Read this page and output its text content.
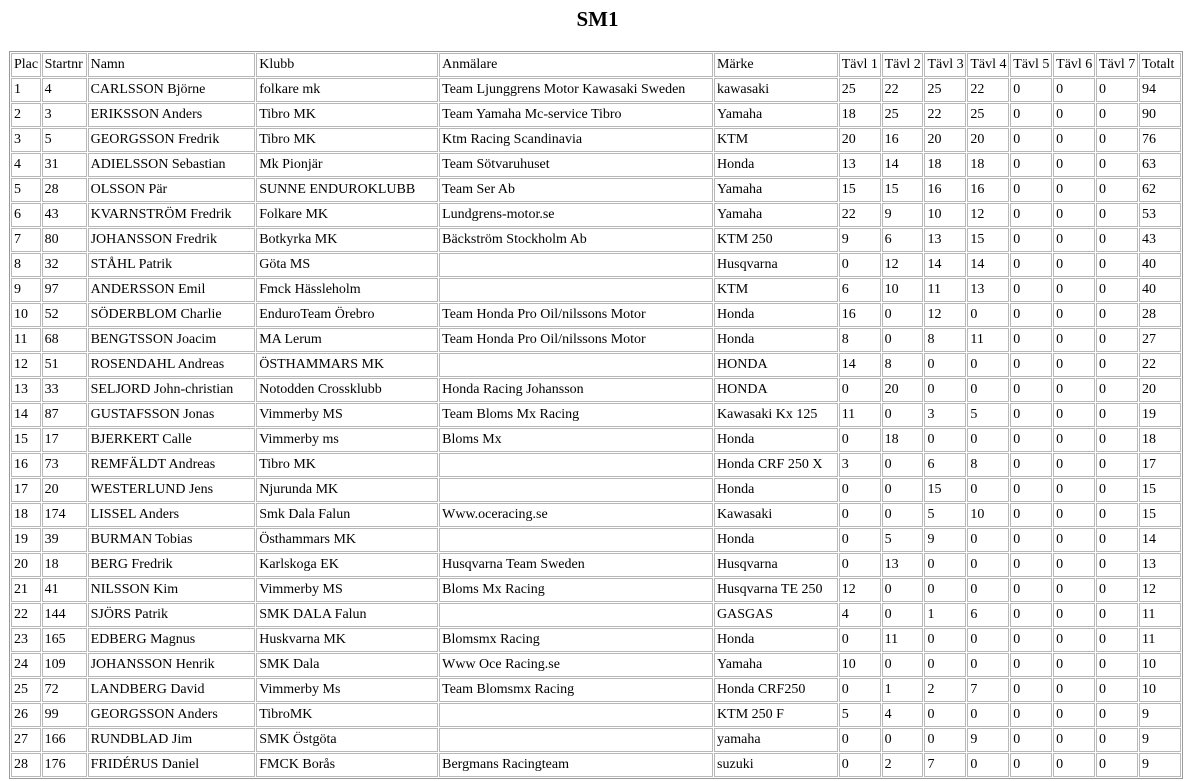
SM1
Plac	Startnr	Namn	Klubb	Anmälare	Märke	Tävl 1	Tävl 2	Tävl 3	Tävl 4	Tävl 5	Tävl 6	Tävl 7	Totalt
1	4	CARLSSON Björne	folkare mk	Team Ljunggrens Motor Kawasaki Sweden	kawasaki	25	22	25	22	0	0	0	94
2	3	ERIKSSON Anders	Tibro MK	Team Yamaha Mc-service Tibro	Yamaha	18	25	22	25	0	0	0	90
3	5	GEORGSSON Fredrik	Tibro MK	Ktm Racing Scandinavia	KTM	20	16	20	20	0	0	0	76
4	31	ADIELSSON Sebastian	Mk Pionjär	Team Sötvaruhuset	Honda	13	14	18	18	0	0	0	63
5	28	OLSSON Pär	SUNNE ENDUROKLUBB	Team Ser Ab	Yamaha	15	15	16	16	0	0	0	62
6	43	KVARNSTRÖM Fredrik	Folkare MK	Lundgrens-motor.se	Yamaha	22	9	10	12	0	0	0	53
7	80	JOHANSSON Fredrik	Botkyrka MK	Bäckström Stockholm Ab	KTM 250	9	6	13	15	0	0	0	43
8	32	STÅHL Patrik	Göta MS		Husqvarna	0	12	14	14	0	0	0	40
9	97	ANDERSSON Emil	Fmck Hässleholm		KTM	6	10	11	13	0	0	0	40
10	52	SÖDERBLOM Charlie	EnduroTeam Örebro	Team Honda Pro Oil/nilssons Motor	Honda	16	0	12	0	0	0	0	28
11	68	BENGTSSON Joacim	MA Lerum	Team Honda Pro Oil/nilssons Motor	Honda	8	0	8	11	0	0	0	27
12	51	ROSENDAHL Andreas	ÖSTHAMMARS MK		HONDA	14	8	0	0	0	0	0	22
13	33	SELJORD John-christian	Notodden Crossklubb	Honda Racing Johansson	HONDA	0	20	0	0	0	0	0	20
14	87	GUSTAFSSON Jonas	Vimmerby MS	Team Bloms Mx Racing	Kawasaki Kx 125	11	0	3	5	0	0	0	19
15	17	BJERKERT Calle	Vimmerby ms	Bloms Mx	Honda	0	18	0	0	0	0	0	18
16	73	REMFÄLDT Andreas	Tibro MK		Honda CRF 250 X	3	0	6	8	0	0	0	17
17	20	WESTERLUND Jens	Njurunda MK		Honda	0	0	15	0	0	0	0	15
18	174	LISSEL Anders	Smk Dala Falun	Www.oceracing.se	Kawasaki	0	0	5	10	0	0	0	15
19	39	BURMAN Tobias	Östhammars MK		Honda	0	5	9	0	0	0	0	14
20	18	BERG Fredrik	Karlskoga EK	Husqvarna Team Sweden	Husqvarna	0	13	0	0	0	0	0	13
21	41	NILSSON Kim	Vimmerby MS	Bloms Mx Racing	Husqvarna TE 250	12	0	0	0	0	0	0	12
22	144	SJÖRS Patrik	SMK DALA Falun		GASGAS	4	0	1	6	0	0	0	11
23	165	EDBERG Magnus	Huskvarna MK	Blomsmx Racing	Honda	0	11	0	0	0	0	0	11
24	109	JOHANSSON Henrik	SMK Dala	Www Oce Racing.se	Yamaha	10	0	0	0	0	0	0	10
25	72	LANDBERG David	Vimmerby Ms	Team Blomsmx Racing	Honda CRF250	0	1	2	7	0	0	0	10
26	99	GEORGSSON Anders	TibroMK		KTM 250 F	5	4	0	0	0	0	0	9
27	166	RUNDBLAD Jim	SMK Östgöta		yamaha	0	0	0	9	0	0	0	9
28	176	FRIDÉRUS Daniel	FMCK Borås	Bergmans Racingteam	suzuki	0	2	7	0	0	0	0	9
